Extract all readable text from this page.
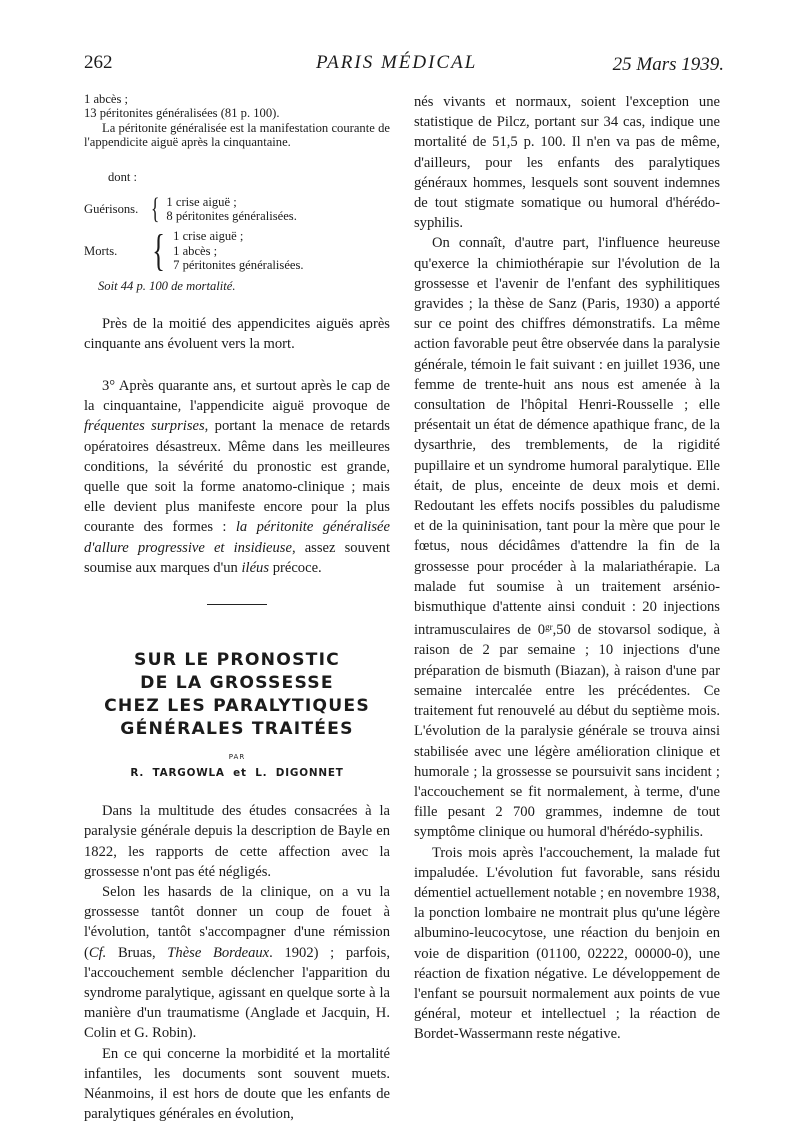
262	PARIS MÉDICAL	25 Mars 1939.
1 abcès ;
13 péritonites généralisées (81 p. 100).

La péritonite généralisée est la manifestation courante de l'appendicite aiguë après la cinquantaine.

dont :
Guérisons. { 1 crise aiguë ;
8 péritonites généralisées.
Morts. { 1 crise aiguë ;
1 abcès ;
7 péritonites généralisées.
Soit 44 p. 100 de mortalité.

Près de la moitié des appendicites aiguës après cinquante ans évoluent vers la mort.

3° Après quarante ans, et surtout après le cap de la cinquantaine, l'appendicite aiguë provoque de fréquentes surprises, portant la menace de retards opératoires désastreux. Même dans les meilleures conditions, la sévérité du pronostic est grande, quelle que soit la forme anatomo-clinique ; mais elle devient plus manifeste encore pour la plus courante des formes : la péritonite généralisée d'allure progressive et insidieuse, assez souvent soumise aux marques d'un iléus précoce.

SUR LE PRONOSTIC
DE LA GROSSESSE
CHEZ LES PARALYTIQUES
GÉNÉRALES TRAITÉES
PAR
R. TARGOWLA et L. DIGONNET

Dans la multitude des études consacrées à la paralysie générale depuis la description de Bayle en 1822, les rapports de cette affection avec la grossesse n'ont pas été négligés.

Selon les hasards de la clinique, on a vu la grossesse tantôt donner un coup de fouet à l'évolution, tantôt s'accompagner d'une rémission (Cf. Bruas, Thèse Bordeaux. 1902) ; parfois, l'accouchement semble déclencher l'apparition du syndrome paralytique, agissant en quelque sorte à la manière d'un traumatisme (Anglade et Jacquin, H. Colin et G. Robin).

En ce qui concerne la morbidité et la mortalité infantiles, les documents sont souvent muets. Néanmoins, il est hors de doute que les enfants de paralytiques générales en évolution,

nés vivants et normaux, soient l'exception une statistique de Pilcz, portant sur 34 cas, indique une mortalité de 51,5 p. 100. Il n'en va pas de même, d'ailleurs, pour les enfants des paralytiques généraux hommes, lesquels sont souvent indemnes de tout stigmate somatique ou humoral d'hérédo-syphilis.

On connaît, d'autre part, l'influence heureuse qu'exerce la chimiothérapie sur l'évolution de la grossesse et l'avenir de l'enfant des syphilitiques gravides ; la thèse de Sanz (Paris, 1930) a apporté sur ce point des chiffres démonstratifs. La même action favorable peut être observée dans la paralysie générale, témoin le fait suivant : en juillet 1936, une femme de trente-huit ans nous est amenée à la consultation de l'hôpital Henri-Rousselle ; elle présentait un état de démence apathique franc, de la dysarthrie, des tremblements, de la rigidité pupillaire et un syndrome humoral paralytique. Elle était, de plus, enceinte de deux mois et demi. Redoutant les effets nocifs possibles du paludisme et de la quininisation, tant pour la mère que pour le fœtus, nous décidâmes d'attendre la fin de la grossesse pour procéder à la malariathérapie. La malade fut soumise à un traitement arsénio-bismuthique d'attente ainsi conduit : 20 injections intramusculaires de $0^{gr},50$ de stovarsol sodique, à raison de 2 par semaine ; 10 injections d'une préparation de bismuth (Biazan), à raison d'une par semaine intercalée entre les précédentes. Ce traitement fut renouvelé au début du septième mois. L'évolution de la paralysie générale se trouva ainsi stabilisée avec une légère amélioration clinique et humorale ; la grossesse se poursuivit sans incident ; l'accouchement se fit normalement, à terme, d'une fille pesant 2 700 grammes, indemne de tout symptôme clinique ou humoral d'hérédo-syphilis.

Trois mois après l'accouchement, la malade fut impaludée. L'évolution fut favorable, sans résidu démentiel actuellement notable ; en novembre 1938, la ponction lombaire ne montrait plus qu'une légère albumino-leucocytose, une réaction du benjoin en voie de disparition (01100, 02222, 00000-0), une réaction de fixation négative. Le développement de l'enfant se poursuit normalement aux points de vue général, moteur et intellectuel ; la réaction de Bordet-Wassermann reste négative.
